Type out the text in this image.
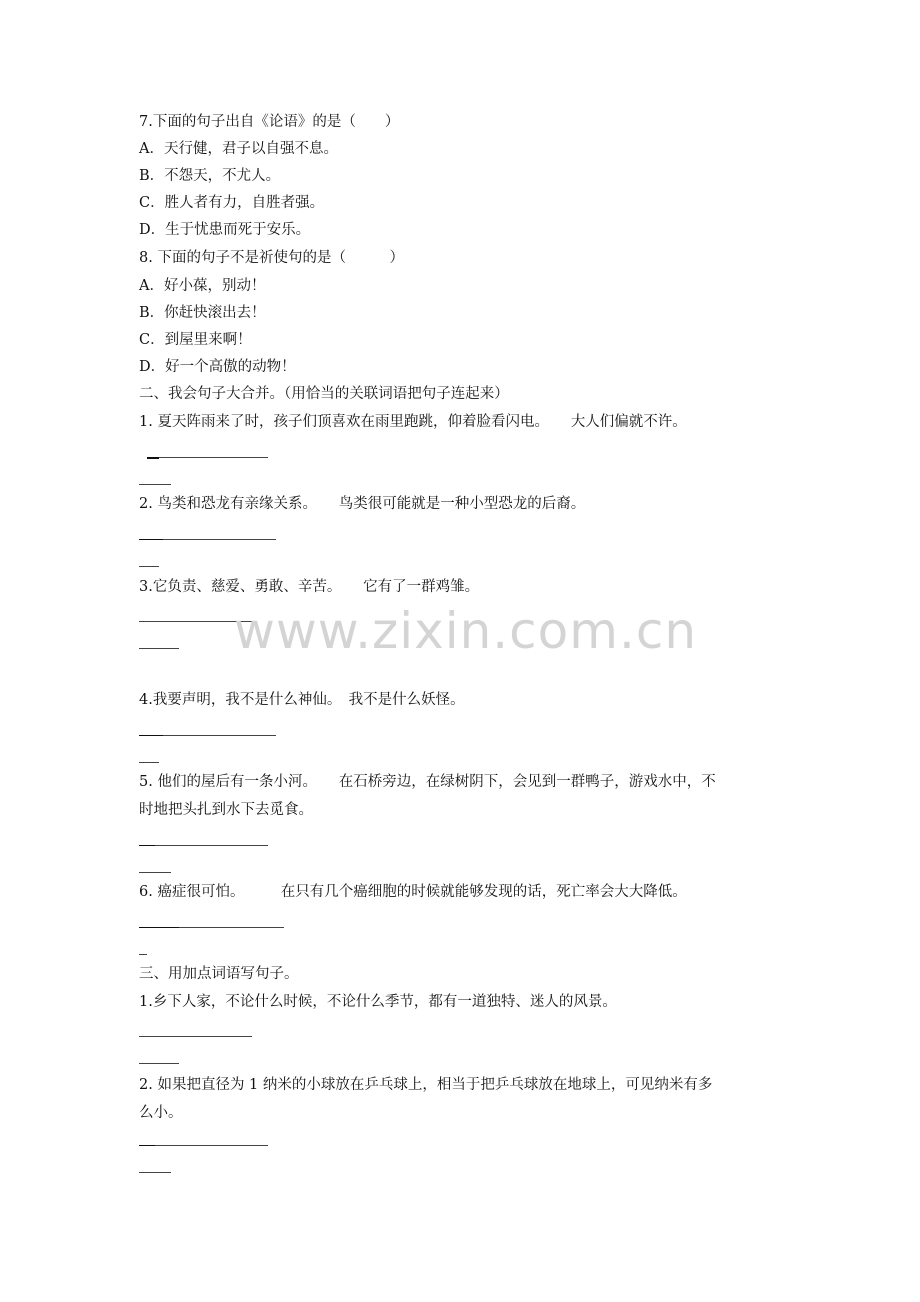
7.下面的句子出自《论语》的是（　　）
A．天行健，君子以自强不息。
B．不怨天，不尤人。
C．胜人者有力，自胜者强。
D．生于忧患而死于安乐。
8. 下面的句子不是祈使句的是（　　　）
A．好小葆，别动！
B．你赶快滚出去！
C．到屋里来啊！
D．好一个高傲的动物！
二、我会句子大合并。（用恰当的关联词语把句子连起来）
1. 夏天阵雨来了时，孩子们顶喜欢在雨里跑跳，仰着脸看闪电。　　大人们偏就不许。
2. 鸟类和恐龙有亲缘关系。　　鸟类很可能就是一种小型恐龙的后裔。
3.它负责、慈爱、勇敢、辛苦。　　它有了一群鸡雏。
4.我要声明，我不是什么神仙。　我不是什么妖怪。
5. 他们的屋后有一条小河。　　在石桥旁边，在绿树阴下，会见到一群鸭子，游戏水中，不
时地把头扎到水下去觅食。
6. 癌症很可怕。　　　在只有几个癌细胞的时候就能够发现的话，死亡率会大大降低。
三、用加点词语写句子。
1.乡下人家，不论什么时候，不论什么季节，都有一道独特、迷人的风景。
2. 如果把直径为 1 纳米的小球放在乒乓球上，相当于把乒乓球放在地球上，可见纳米有多
么小。
www.zixin.com.cn
